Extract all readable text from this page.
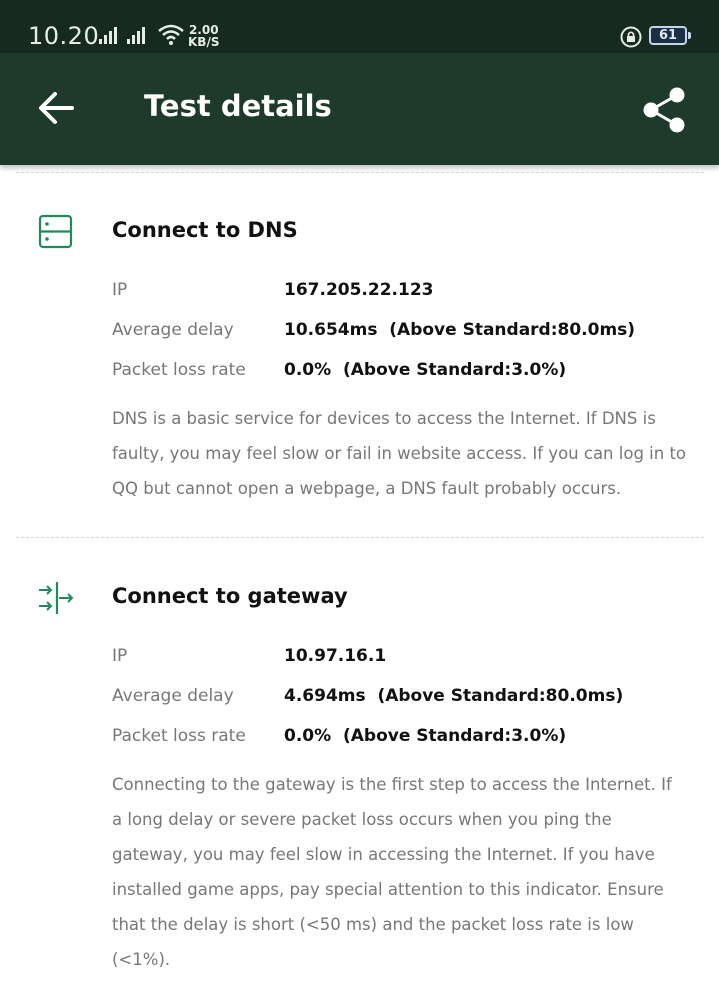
10.20	2.00
KB/S	61
Test details
Connect to DNS
IP	167.205.22.123
Average delay	10.654ms  (Above Standard:80.0ms)
Packet loss rate 0.0%  (Above Standard:3.0%)

DNS is a basic service for devices to access the Internet. If DNS is faulty, you may feel slow or fail in website access. If you can log in to QQ but cannot open a webpage, a DNS fault probably occurs.

Connect to gateway
IP	10.97.16.1
Average delay	4.694ms  (Above Standard:80.0ms)
Packet loss rate 0.0%  (Above Standard:3.0%)

Connecting to the gateway is the first step to access the Internet. If a long delay or severe packet loss occurs when you ping the gateway, you may feel slow in accessing the Internet. If you have installed game apps, pay special attention to this indicator. Ensure that the delay is short (<50 ms) and the packet loss rate is low (<1%).
